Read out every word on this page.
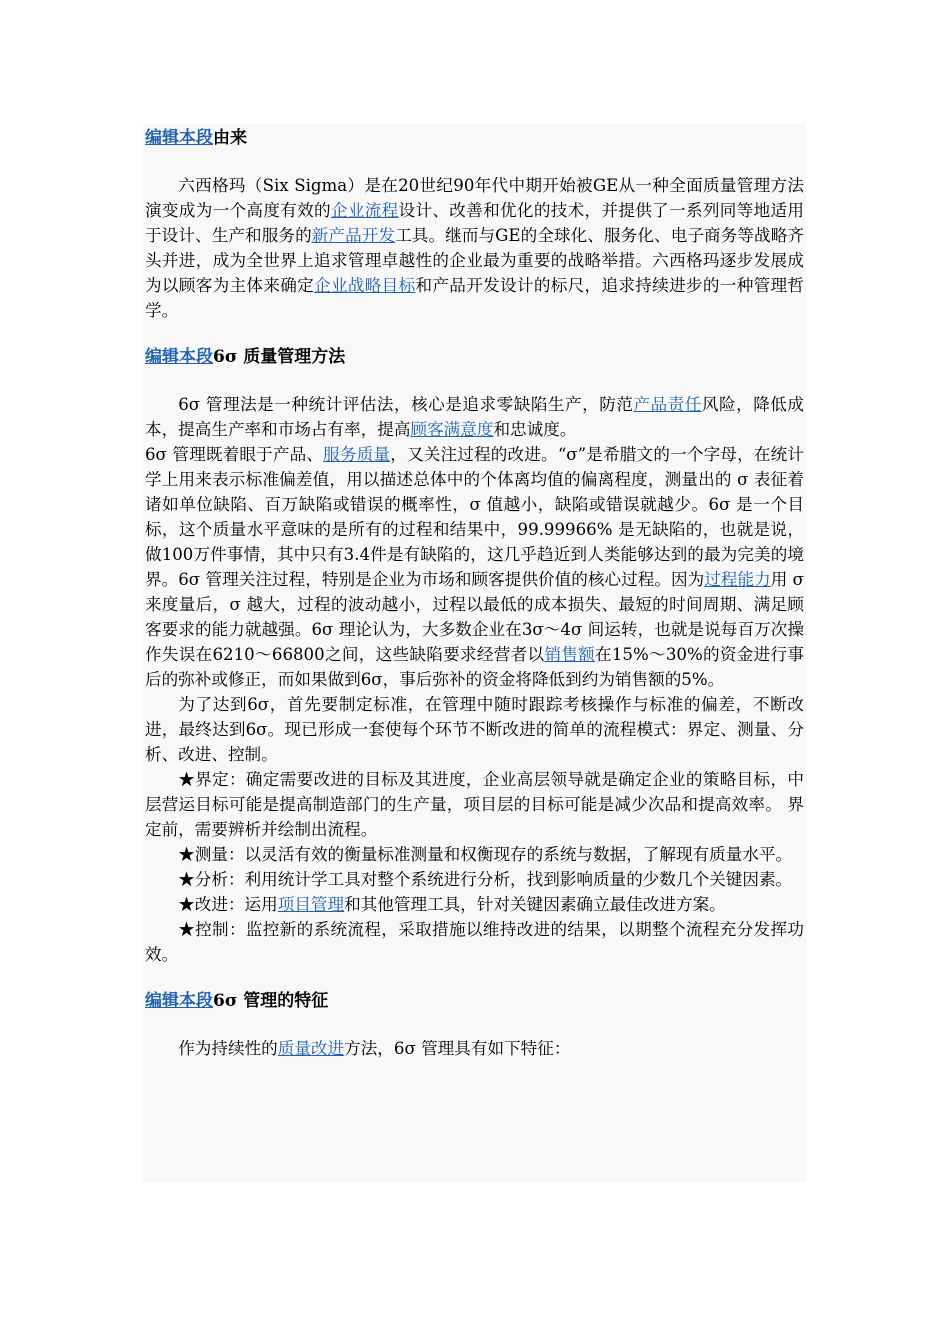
编辑本段由来

六西格玛（Six Sigma）是在20世纪90年代中期开始被GE从一种全面质量管理方法演变成为一个高度有效的企业流程设计、改善和优化的技术，并提供了一系列同等地适用于设计、生产和服务的新产品开发工具。继而与GE的全球化、服务化、电子商务等战略齐头并进，成为全世界上追求管理卓越性的企业最为重要的战略举措。六西格玛逐步发展成为以顾客为主体来确定企业战略目标和产品开发设计的标尺，追求持续进步的一种管理哲学。

编辑本段6σ 质量管理方法

6σ 管理法是一种统计评估法，核心是追求零缺陷生产，防范产品责任风险，降低成本，提高生产率和市场占有率，提高顾客满意度和忠诚度。

6σ 管理既着眼于产品、服务质量，又关注过程的改进。“σ”是希腊文的一个字母，在统计学上用来表示标准偏差值，用以描述总体中的个体离均值的偏离程度，测量出的 σ 表征着诸如单位缺陷、百万缺陷或错误的概率性，σ 值越小，缺陷或错误就越少。6σ 是一个目标，这个质量水平意味的是所有的过程和结果中，99.99966% 是无缺陷的，也就是说，做100万件事情，其中只有3.4件是有缺陷的，这几乎趋近到人类能够达到的最为完美的境界。6σ 管理关注过程，特别是企业为市场和顾客提供价值的核心过程。因为过程能力用 σ 来度量后，σ 越大，过程的波动越小，过程以最低的成本损失、最短的时间周期、满足顾客要求的能力就越强。6σ 理论认为，大多数企业在3σ～4σ 间运转，也就是说每百万次操作失误在6210～66800之间，这些缺陷要求经营者以销售额在15%～30%的资金进行事后的弥补或修正，而如果做到6σ，事后弥补的资金将降低到约为销售额的5%。

为了达到6σ，首先要制定标准，在管理中随时跟踪考核操作与标准的偏差，不断改进，最终达到6σ。现已形成一套使每个环节不断改进的简单的流程模式：界定、测量、分析、改进、控制。

★界定：确定需要改进的目标及其进度，企业高层领导就是确定企业的策略目标，中层营运目标可能是提高制造部门的生产量，项目层的目标可能是减少次品和提高效率。 界定前，需要辨析并绘制出流程。

★测量：以灵活有效的衡量标准测量和权衡现存的系统与数据，了解现有质量水平。

★分析：利用统计学工具对整个系统进行分析，找到影响质量的少数几个关键因素。

★改进：运用项目管理和其他管理工具，针对关键因素确立最佳改进方案。

★控制：监控新的系统流程，采取措施以维持改进的结果，以期整个流程充分发挥功效。

编辑本段6σ 管理的特征

作为持续性的质量改进方法，6σ 管理具有如下特征：
